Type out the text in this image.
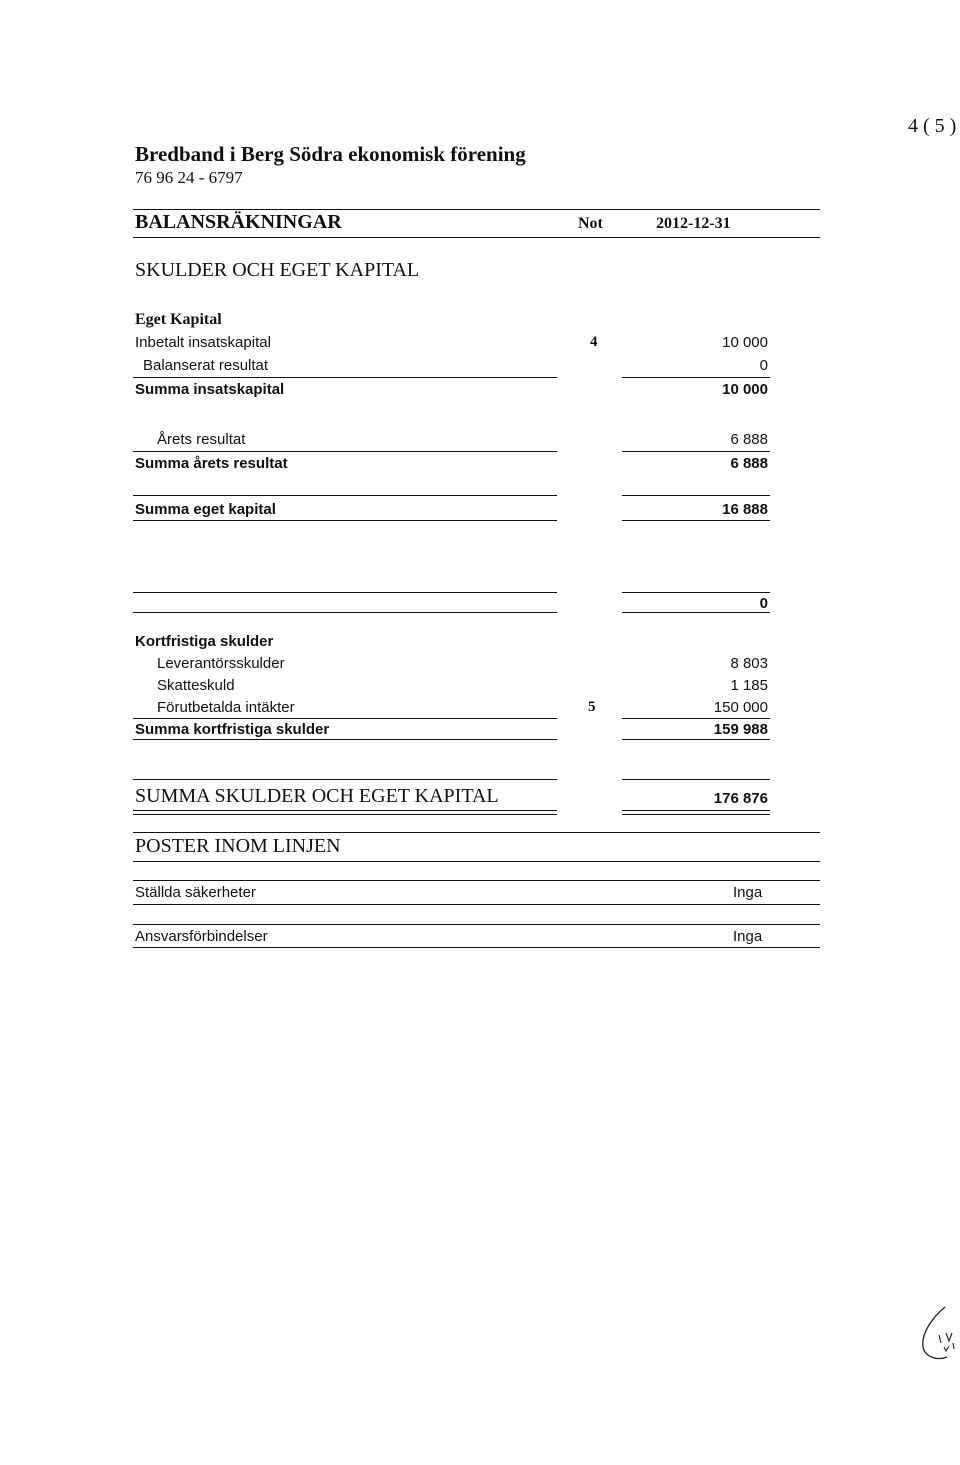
4 ( 5 )
Bredband i Berg Södra ekonomisk förening
76 96 24 - 6797
BALANSRÄKNINGAR	Not	2012-12-31
SKULDER OCH EGET KAPITAL
Eget Kapital
Inbetalt insatskapital	4	10 000
Balanserat resultat	0
Summa insatskapital	10 000
Årets resultat	6 888
Summa årets resultat	6 888
Summa eget kapital	16 888
0
Kortfristiga skulder
Leverantörsskulder	8 803
Skatteskuld	1 185
Förutbetalda intäkter	5	150 000
Summa kortfristiga skulder	159 988
SUMMA SKULDER OCH EGET KAPITAL	176 876
POSTER INOM LINJEN
Ställda säkerheter	Inga
Ansvarsförbindelser	Inga
